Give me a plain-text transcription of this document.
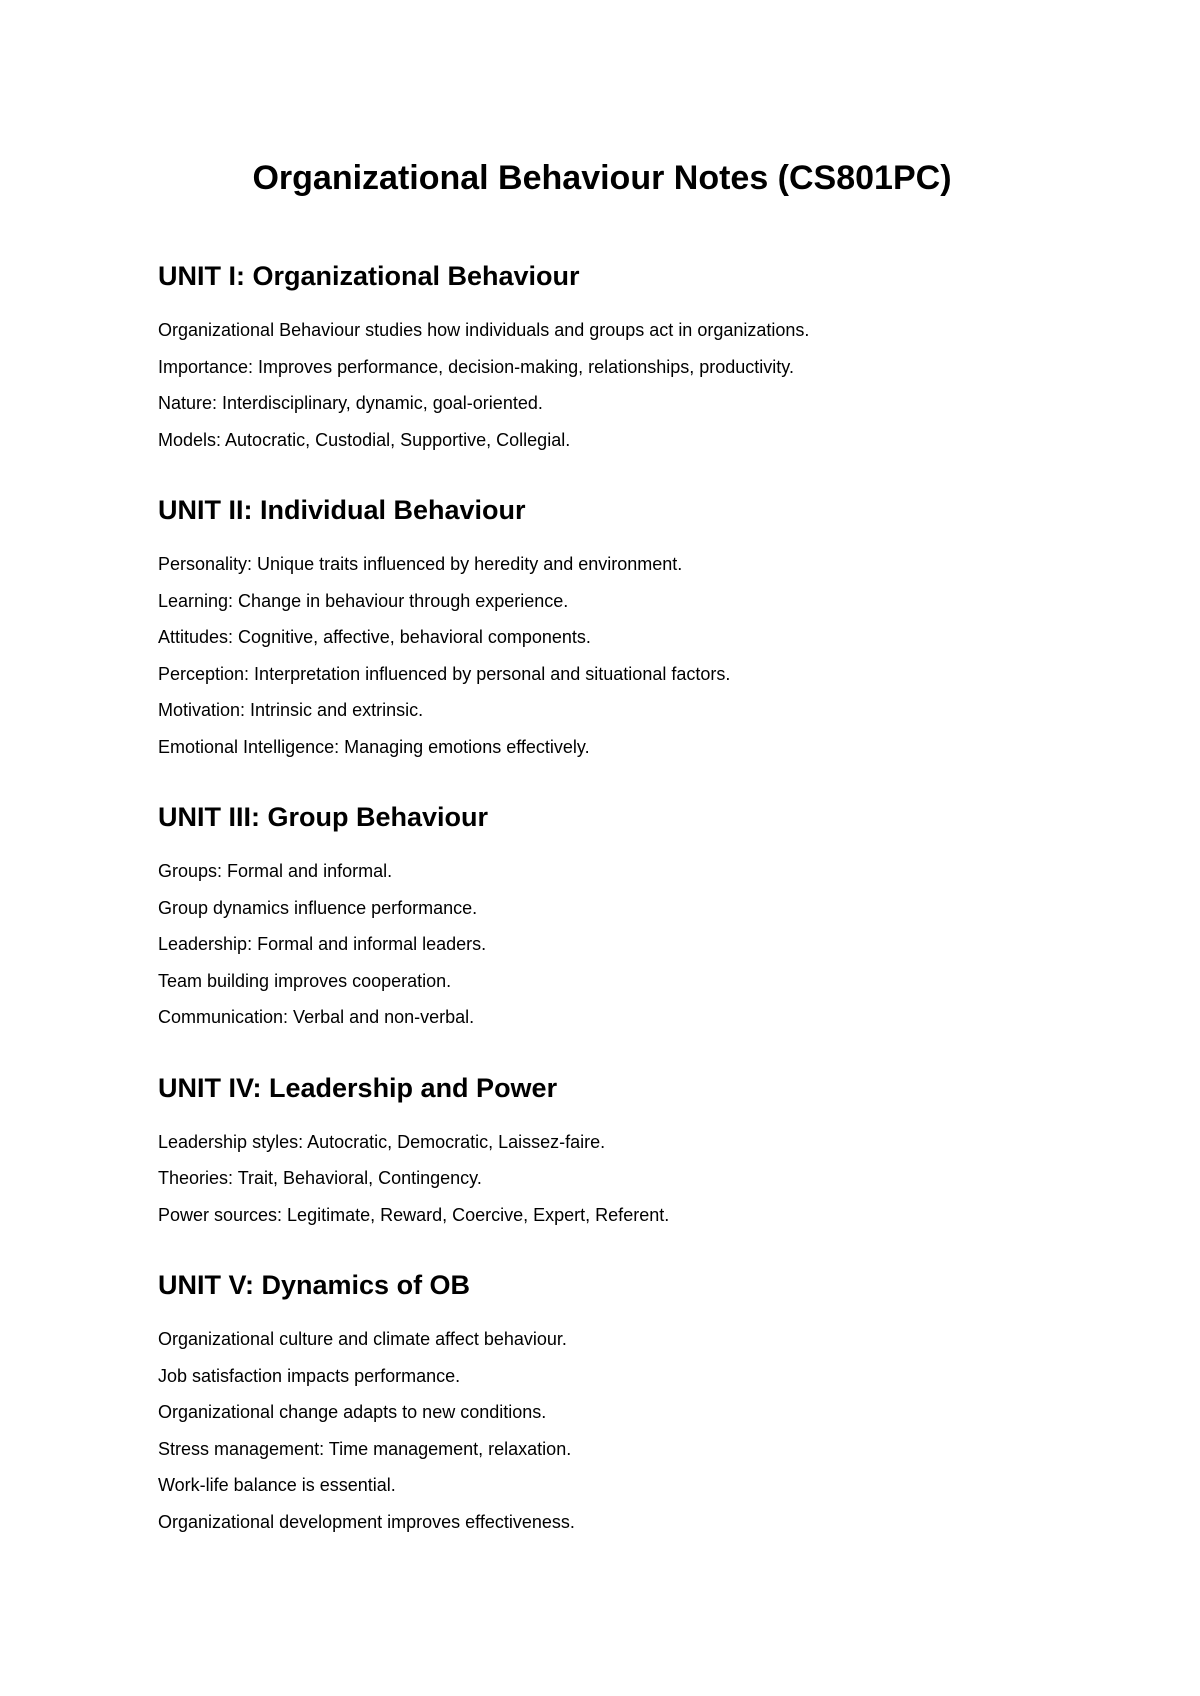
Organizational Behaviour Notes (CS801PC)
UNIT I: Organizational Behaviour

Organizational Behaviour studies how individuals and groups act in organizations.

Importance: Improves performance, decision-making, relationships, productivity.

Nature: Interdisciplinary, dynamic, goal-oriented.

Models: Autocratic, Custodial, Supportive, Collegial.

UNIT II: Individual Behaviour

Personality: Unique traits influenced by heredity and environment.

Learning: Change in behaviour through experience.

Attitudes: Cognitive, affective, behavioral components.

Perception: Interpretation influenced by personal and situational factors.

Motivation: Intrinsic and extrinsic.

Emotional Intelligence: Managing emotions effectively.

UNIT III: Group Behaviour

Groups: Formal and informal.

Group dynamics influence performance.

Leadership: Formal and informal leaders.

Team building improves cooperation.

Communication: Verbal and non-verbal.

UNIT IV: Leadership and Power

Leadership styles: Autocratic, Democratic, Laissez-faire.

Theories: Trait, Behavioral, Contingency.

Power sources: Legitimate, Reward, Coercive, Expert, Referent.

UNIT V: Dynamics of OB

Organizational culture and climate affect behaviour.

Job satisfaction impacts performance.

Organizational change adapts to new conditions.

Stress management: Time management, relaxation.

Work-life balance is essential.

Organizational development improves effectiveness.
